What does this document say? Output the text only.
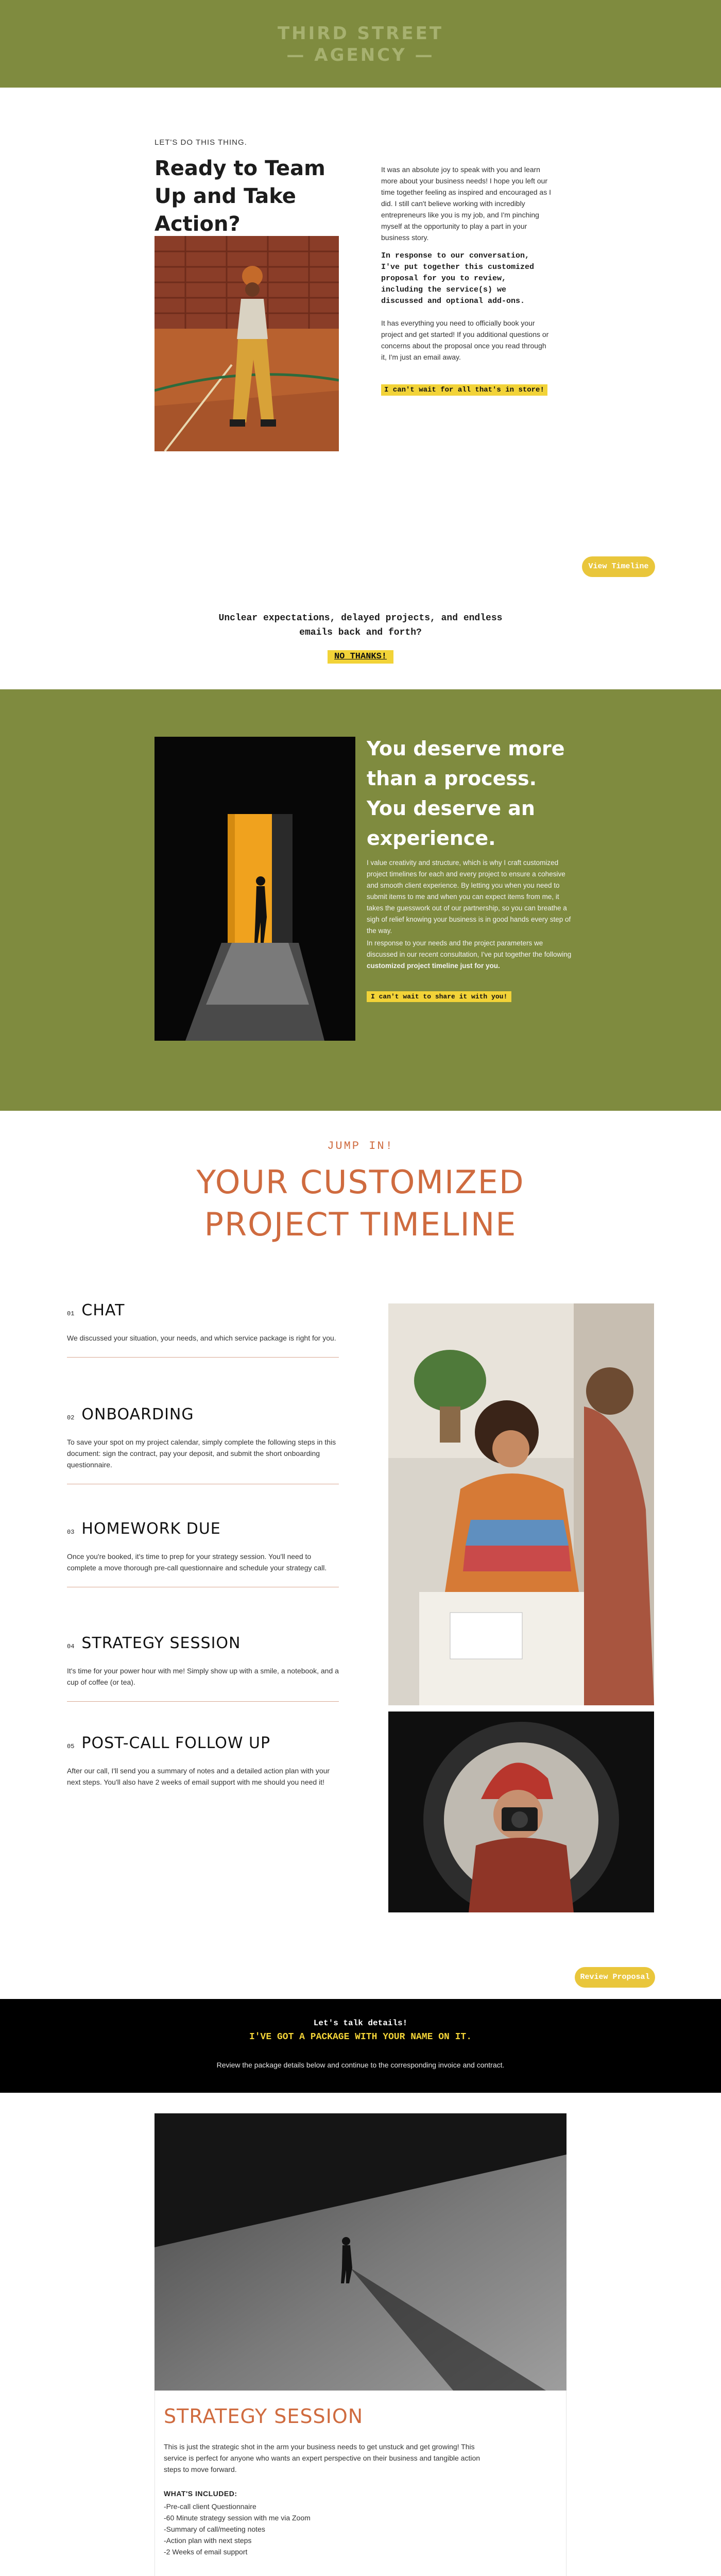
THIRD STREET
— AGENCY —
LET'S DO THIS THING.
Ready to Team Up and Take Action?
It was an absolute joy to speak with you and learn more about your business needs! I hope you left our time together feeling as inspired and encouraged as I did. I still can't believe working with incredibly entrepreneurs like you is my job, and I'm pinching myself at the opportunity to play a part in your business story.
In response to our conversation, I've put together this customized proposal for you to review, including the service(s) we discussed and optional add-ons.
It has everything you need to officially book your project and get started! If you additional questions or concerns about the proposal once you read through it, I'm just an email away.
I can't wait for all that's in store!
View Timeline
Unclear expectations, delayed projects, and endless emails back and forth?
NO THANKS!
You deserve more than a process. You deserve an experience.
I value creativity and structure, which is why I craft customized project timelines for each and every project to ensure a cohesive and smooth client experience. By letting you when you need to submit items to me and when you can expect items from me, it takes the guesswork out of our partnership, so you can breathe a sigh of relief knowing your business is in good hands every step of the way.
In response to your needs and the project parameters we discussed in our recent consultation, I've put together the following customized project timeline just for you.
I can't wait to share it with you!
JUMP IN!
YOUR CUSTOMIZED PROJECT TIMELINE
01 CHAT
We discussed your situation, your needs, and which service package is right for you.
02 ONBOARDING
To save your spot on my project calendar, simply complete the following steps in this document: sign the contract, pay your deposit, and submit the short onboarding questionnaire.
03 HOMEWORK DUE
Once you're booked, it's time to prep for your strategy session. You'll need to complete a move thorough pre-call questionnaire and schedule your strategy call.
04 STRATEGY SESSION
It's time for your power hour with me! Simply show up with a smile, a notebook, and a cup of coffee (or tea).
05 POST-CALL FOLLOW UP
After our call, I'll send you a summary of notes and a detailed action plan with your next steps. You'll also have 2 weeks of email support with me should you need it!
Review Proposal
Let's talk details!
I'VE GOT A PACKAGE WITH YOUR NAME ON IT.
Review the package details below and continue to the corresponding invoice and contract.
STRATEGY SESSION
This is just the strategic shot in the arm your business needs to get unstuck and get growing! This service is perfect for anyone who wants an expert perspective on their business and tangible action steps to move forward.
WHAT'S INCLUDED:
-Pre-call client Questionnaire
-60 Minute strategy session with me via Zoom
-Summary of call/meeting notes
-Action plan with next steps
-2 Weeks of email support
